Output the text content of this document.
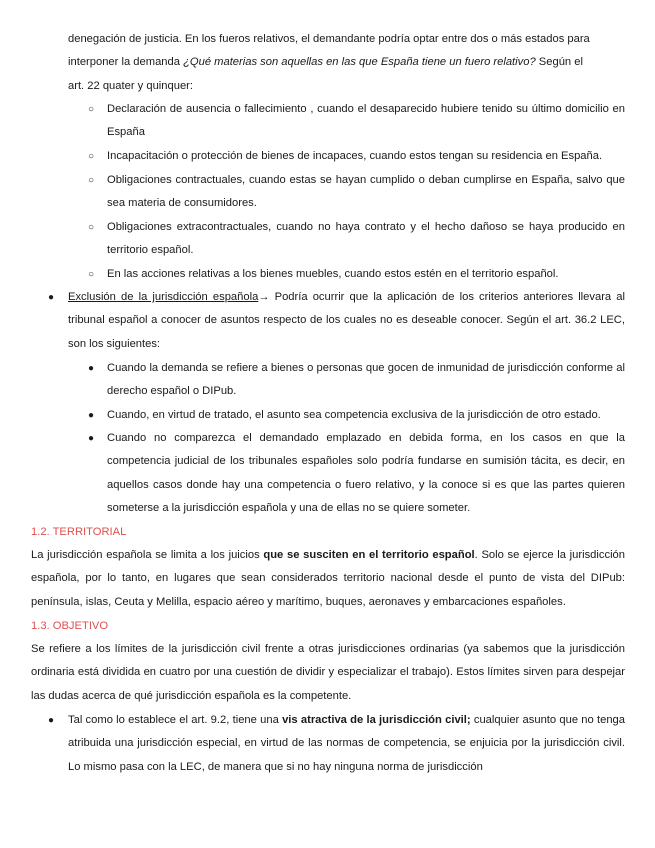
denegación de justicia. En los fueros relativos, el demandante podría optar entre dos o más estados para
interponer la demanda ¿Qué materias son aquellas en las que España tiene un fuero relativo? Según el
art. 22 quater y quinquer:

○ Declaración de ausencia o fallecimiento , cuando el desaparecido hubiere tenido su último domicilio en España

○ Incapacitación o protección de bienes de incapaces, cuando estos tengan su residencia en España.

○ Obligaciones contractuales, cuando estas se hayan cumplido o deban cumplirse en España, salvo que sea materia de consumidores.

○ Obligaciones extracontractuales, cuando no haya contrato y el hecho dañoso se haya producido en territorio español.

○ En las acciones relativas a los bienes muebles, cuando estos estén en el territorio español.

● Exclusión de la jurisdicción española→ Podría ocurrir que la aplicación de los criterios anteriores llevara al tribunal español a conocer de asuntos respecto de los cuales no es deseable conocer. Según el art. 36.2 LEC, son los siguientes:

● Cuando la demanda se refiere a bienes o personas que gocen de inmunidad de jurisdicción conforme al derecho español o DIPub.

● Cuando, en virtud de tratado, el asunto sea competencia exclusiva de la jurisdicción de otro estado.

● Cuando no comparezca el demandado emplazado en debida forma, en los casos en que la competencia judicial de los tribunales españoles solo podría fundarse en sumisión tácita, es decir, en aquellos casos donde hay una competencia o fuero relativo, y la conoce si es que las partes quieren someterse a la jurisdicción española y una de ellas no se quiere someter.

1.2. TERRITORIAL

La jurisdicción española se limita a los juicios que se susciten en el territorio español. Solo se ejerce la jurisdicción española, por lo tanto, en lugares que sean considerados territorio nacional desde el punto de vista del DIPub: península, islas, Ceuta y Melilla, espacio aéreo y marítimo, buques, aeronaves y embarcaciones españoles.

1.3. OBJETIVO

Se refiere a los límites de la jurisdicción civil frente a otras jurisdicciones ordinarias (ya sabemos que la jurisdicción ordinaria está dividida en cuatro por una cuestión de dividir y especializar el trabajo). Estos límites sirven para despejar las dudas acerca de qué jurisdicción española es la competente.

● Tal como lo establece el art. 9.2, tiene una vis atractiva de la jurisdicción civil; cualquier asunto que no tenga atribuida una jurisdicción especial, en virtud de las normas de competencia, se enjuicia por la jurisdicción civil. Lo mismo pasa con la LEC, de manera que si no hay ninguna norma de jurisdicción
